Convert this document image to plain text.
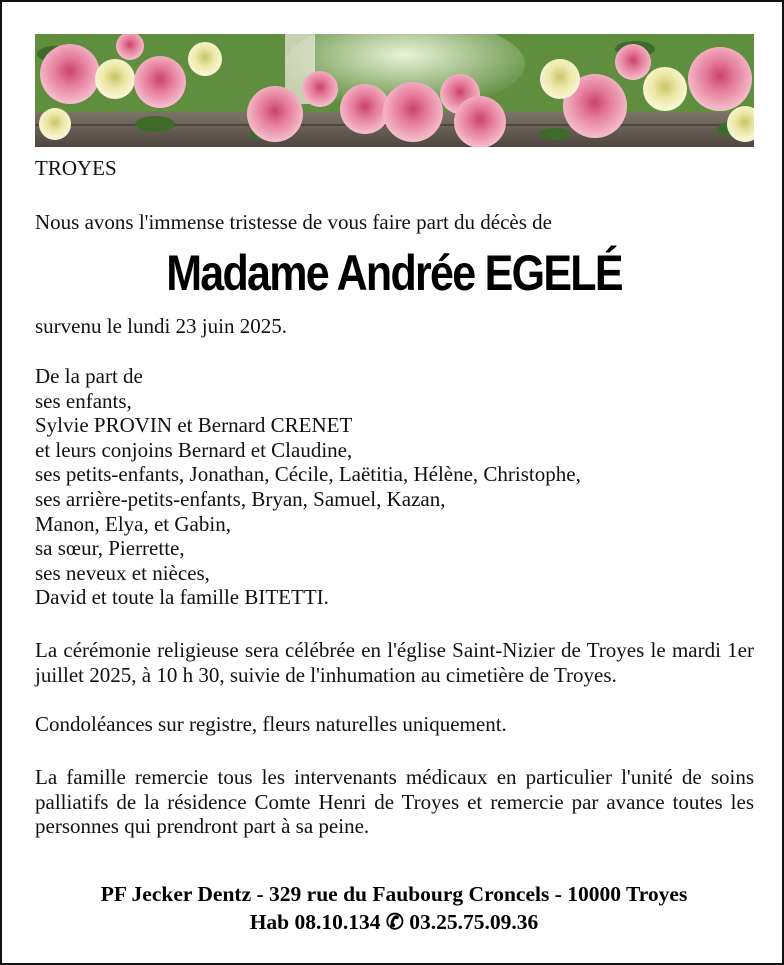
TROYES
Nous avons l'immense tristesse de vous faire part du décès de
Madame Andrée EGELÉ
survenu le lundi 23 juin 2025.
De la part de
ses enfants,
Sylvie PROVIN et Bernard CRENET
et leurs conjoins Bernard et Claudine,
ses petits-enfants, Jonathan, Cécile, Laëtitia, Hélène, Christophe,
ses arrière-petits-enfants, Bryan, Samuel, Kazan,
Manon, Elya, et Gabin,
sa sœur, Pierrette,
ses neveux et nièces,
David et toute la famille BITETTI.
La cérémonie religieuse sera célébrée en l'église Saint-Nizier de Troyes le mardi 1er juillet 2025, à 10 h 30, suivie de l'inhumation au cimetière de Troyes.
Condoléances sur registre, fleurs naturelles uniquement.
La famille remercie tous les intervenants médicaux en particulier l'unité de soins palliatifs de la résidence Comte Henri de Troyes et remercie par avance toutes les personnes qui prendront part à sa peine.
PF Jecker Dentz - 329 rue du Faubourg Croncels - 10000 Troyes
Hab 08.10.134 ✆ 03.25.75.09.36
